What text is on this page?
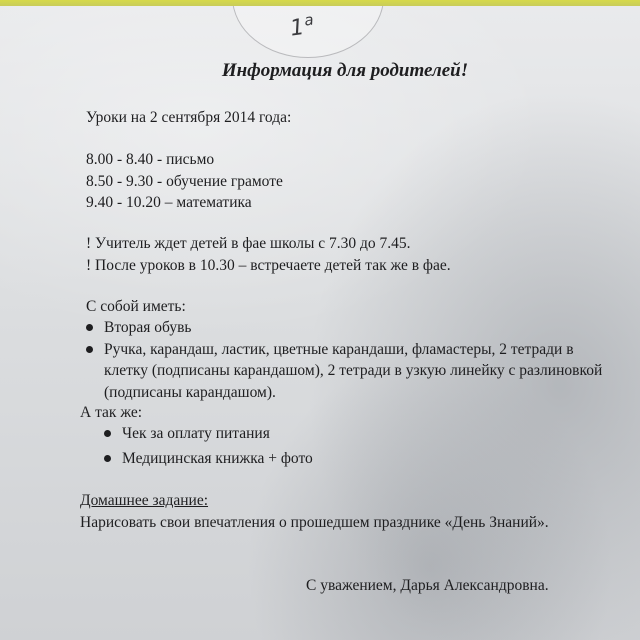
1$^a$
Информация для родителей!
Уроки на 2 сентября 2014 года:
8.00 - 8.40 - письмо
8.50 - 9.30 - обучение грамоте
9.40 - 10.20 – математика
! Учитель ждет детей в фае школы с 7.30 до 7.45.
! После уроков в 10.30 – встречаете детей так же в фае.
С собой иметь:
Вторая обувь
Ручка, карандаш, ластик, цветные карандаши, фламастеры, 2 тетради в клетку (подписаны карандашом), 2 тетради в узкую линейку с разлиновкой (подписаны карандашом).
А так же:
Чек за оплату питания
Медицинская книжка + фото
Домашнее задание:
Нарисовать свои впечатления о прошедшем празднике «День Знаний».
С уважением, Дарья Александровна.
